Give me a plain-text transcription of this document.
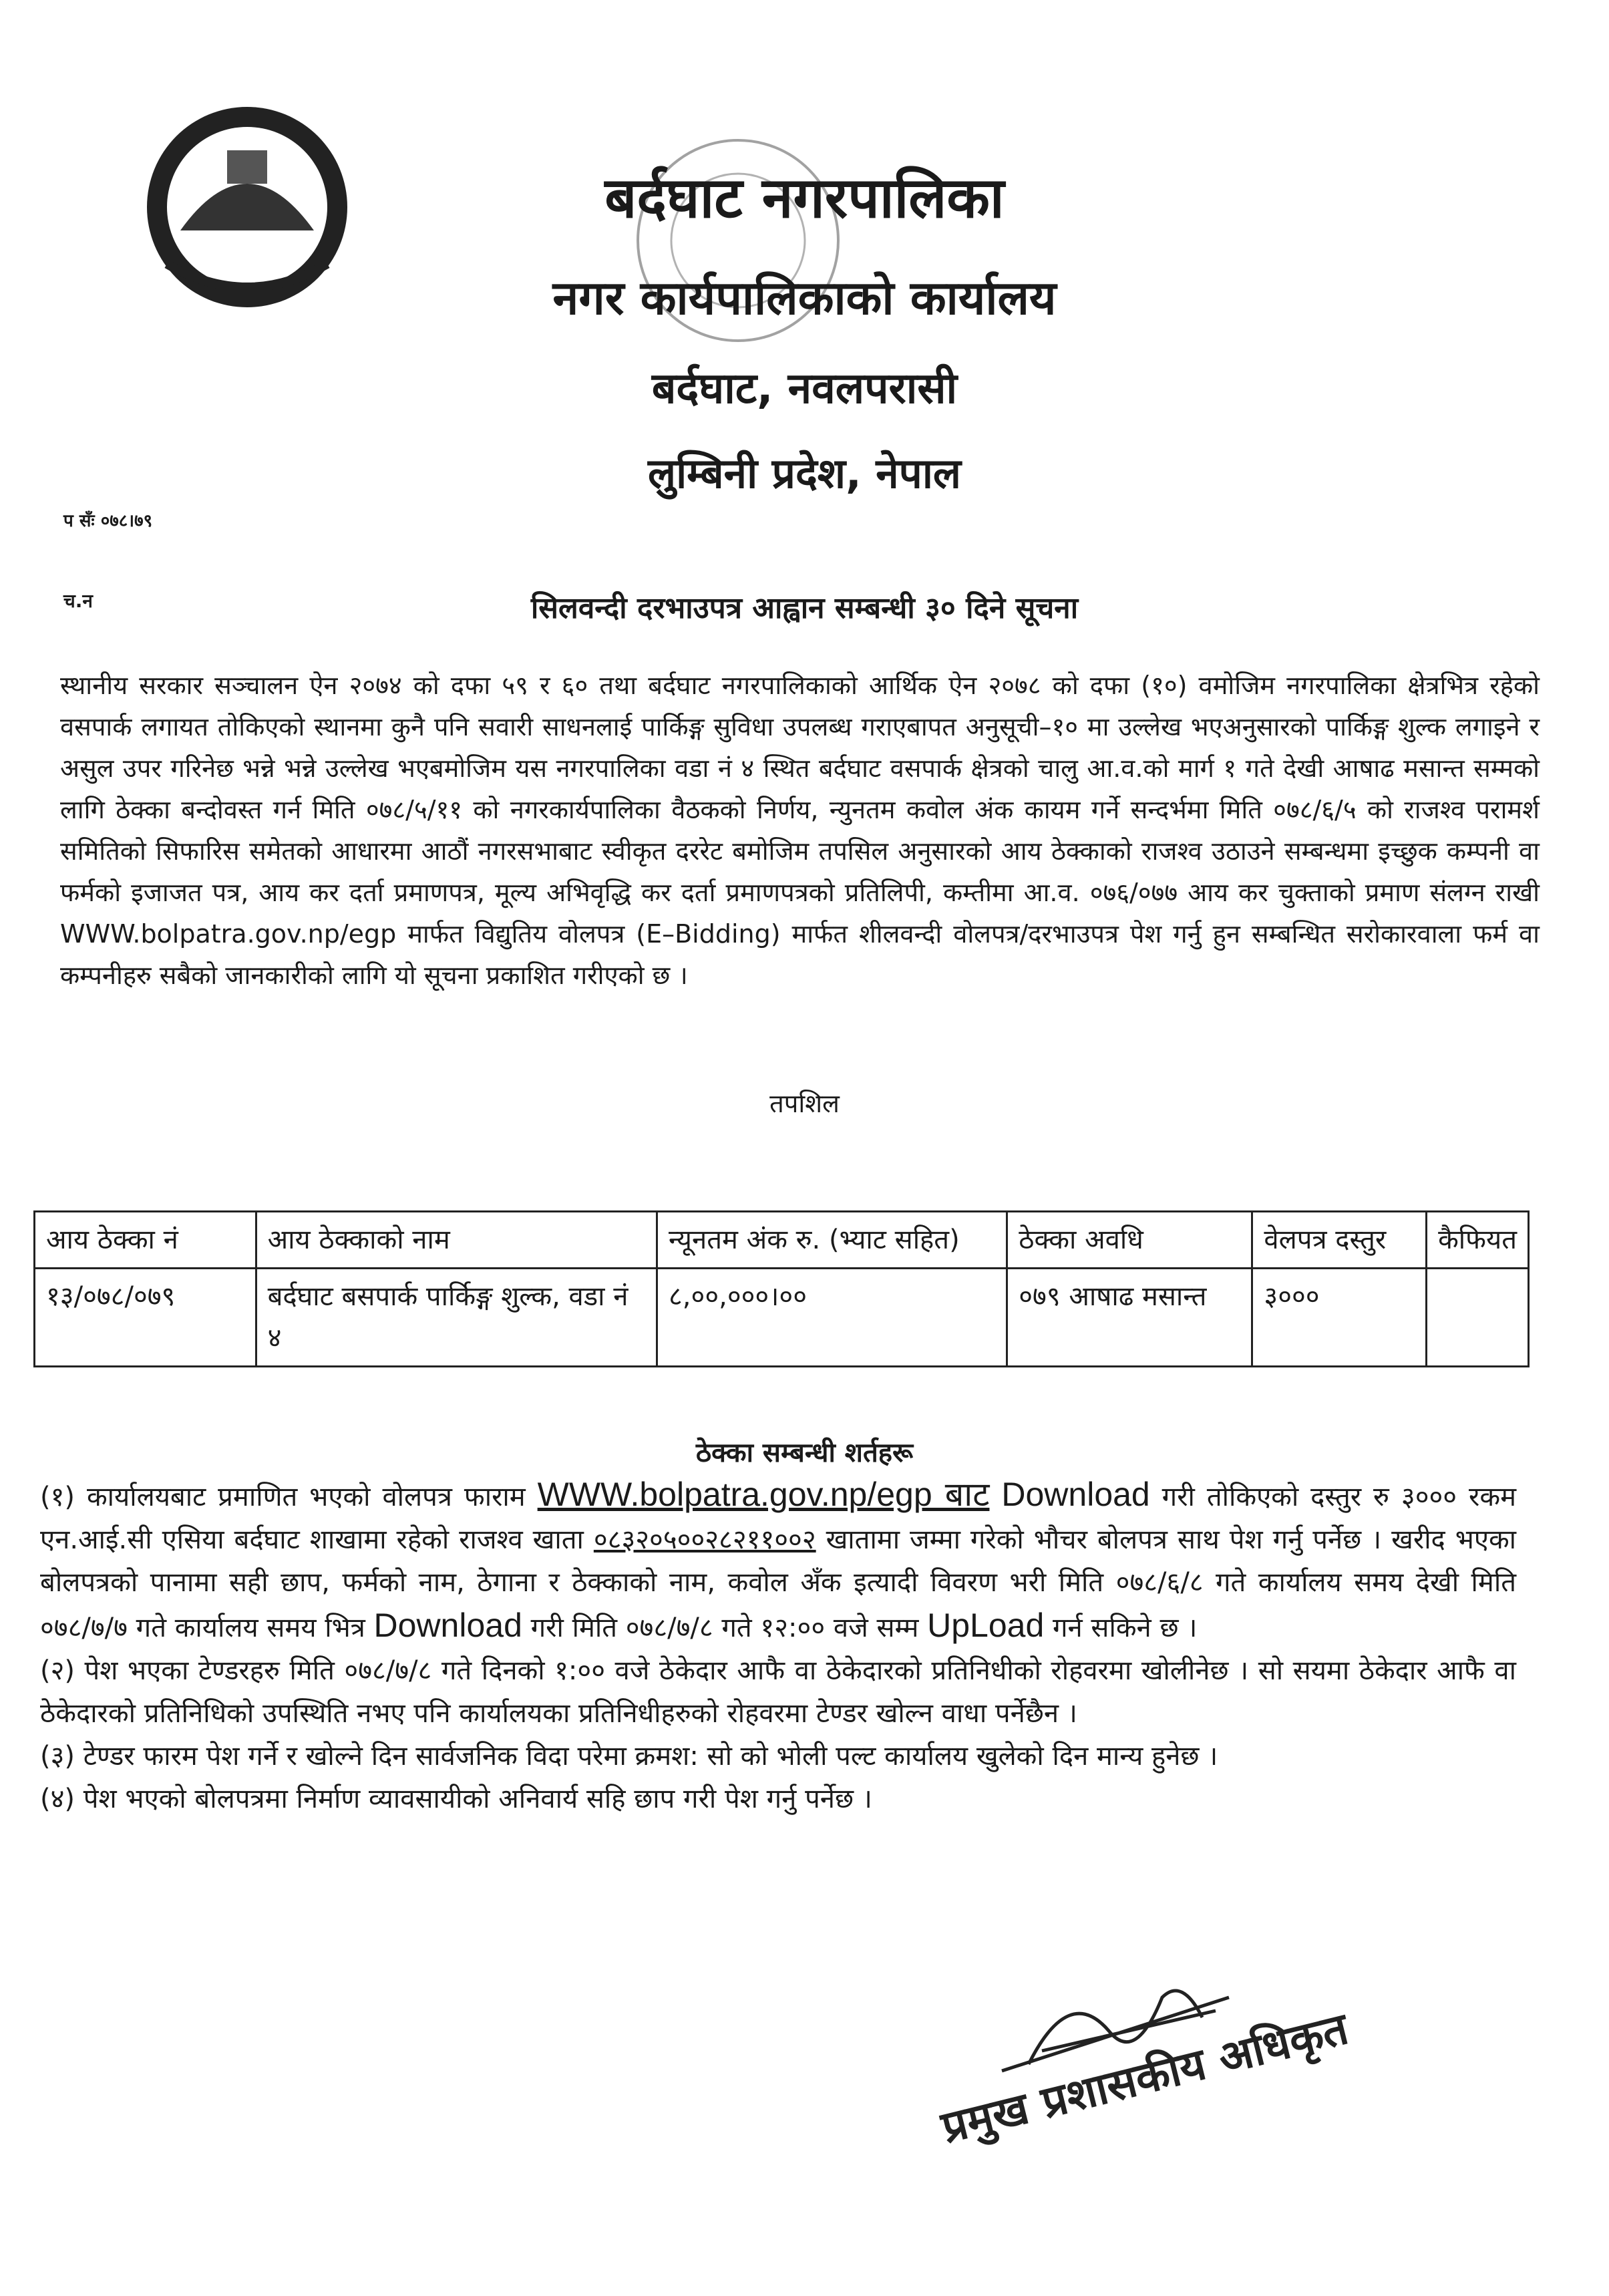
बर्दघाट नगरपालिका
नगर कार्यपालिकाको कार्यालय
बर्दघाट, नवलपरासी
लुम्बिनी प्रदेश, नेपाल
प सँः ०७८।७९
च.न	सिलवन्दी दरभाउपत्र आह्वान सम्बन्धी ३० दिने सूचना
स्थानीय सरकार सञ्चालन ऐन २०७४ को दफा ५९ र ६० तथा बर्दघाट नगरपालिकाको आर्थिक ऐन २०७८ को दफा (१०) वमोजिम नगरपालिका क्षेत्रभित्र रहेको वसपार्क लगायत तोकिएको स्थानमा कुनै पनि सवारी साधनलाई पार्किङ्ग सुविधा उपलब्ध गराएबापत अनुसूची–१० मा उल्लेख भएअनुसारको पार्किङ्ग शुल्क लगाइने र असुल उपर गरिनेछ भन्ने भन्ने उल्लेख भएबमोजिम यस नगरपालिका वडा नं ४ स्थित बर्दघाट वसपार्क क्षेत्रको चालु आ.व.को मार्ग १ गते देखी आषाढ मसान्त सम्मको लागि ठेक्का बन्दोवस्त गर्न मिति ०७८/५/११ को नगरकार्यपालिका वैठकको निर्णय, न्युनतम कवोल अंक कायम गर्ने सन्दर्भमा मिति ०७८/६/५ को राजश्व परामर्श समितिको सिफारिस समेतको आधारमा आठौं नगरसभाबाट स्वीकृत दररेट बमोजिम तपसिल अनुसारको आय ठेक्काको राजश्व उठाउने सम्बन्धमा इच्छुक कम्पनी वा फर्मको इजाजत पत्र, आय कर दर्ता प्रमाणपत्र, मूल्य अभिवृद्धि कर दर्ता प्रमाणपत्रको प्रतिलिपी, कम्तीमा आ.व. ०७६/०७७ आय कर चुक्ताको प्रमाण संलग्न राखी WWW.bolpatra.gov.np/egp मार्फत विद्युतिय वोलपत्र (E–Bidding) मार्फत शीलवन्दी वोलपत्र/दरभाउपत्र पेश गर्नु हुन सम्बन्धित सरोकारवाला फर्म वा कम्पनीहरु सबैको जानकारीको लागि यो सूचना प्रकाशित गरीएको छ ।
तपशिल
आय ठेक्का नं	आय ठेक्काको नाम	न्यूनतम अंक रु. (भ्याट सहित)	ठेक्का अवधि	वेलपत्र दस्तुर	कैफियत
१३/०७८/०७९	बर्दघाट बसपार्क पार्किङ्ग शुल्क, वडा नं ४	८,००,०००।००	०७९ आषाढ मसान्त	३०००	
ठेक्का सम्बन्धी शर्तहरू
(१) कार्यालयबाट प्रमाणित भएको वोलपत्र फाराम WWW.bolpatra.gov.np/egp बाट Download गरी तोकिएको दस्तुर रु ३००० रकम एन.आई.सी एसिया बर्दघाट शाखामा रहेको राजश्व खाता ०८३२०५००२८२११००२ खातामा जम्मा गरेको भौचर बोलपत्र साथ पेश गर्नु पर्नेछ । खरीद भएका बोलपत्रको पानामा सही छाप, फर्मको नाम, ठेगाना र ठेक्काको नाम, कवोल अँक इत्यादी विवरण भरी मिति ०७८/६/८ गते कार्यालय समय देखी मिति ०७८/७/७ गते कार्यालय समय भित्र Download गरी मिति ०७८/७/८ गते १२:०० वजे सम्म UpLoad गर्न सकिने छ ।
(२) पेश भएका टेण्डरहरु मिति ०७८/७/८ गते दिनको १:०० वजे ठेकेदार आफै वा ठेकेदारको प्रतिनिधीको रोहवरमा खोलीनेछ । सो सयमा ठेकेदार आफै वा ठेकेदारको प्रतिनिधिको उपस्थिति नभए पनि कार्यालयका प्रतिनिधीहरुको रोहवरमा टेण्डर खोल्न वाधा पर्नेछैन ।
(३) टेण्डर फारम पेश गर्ने र खोल्ने दिन सार्वजनिक विदा परेमा क्रमश: सो को भोली पल्ट कार्यालय खुलेको दिन मान्य हुनेछ ।
(४) पेश भएको बोलपत्रमा निर्माण व्यावसायीको अनिवार्य सहि छाप गरी पेश गर्नु पर्नेछ ।
प्रमुख प्रशासकीय अधिकृत
